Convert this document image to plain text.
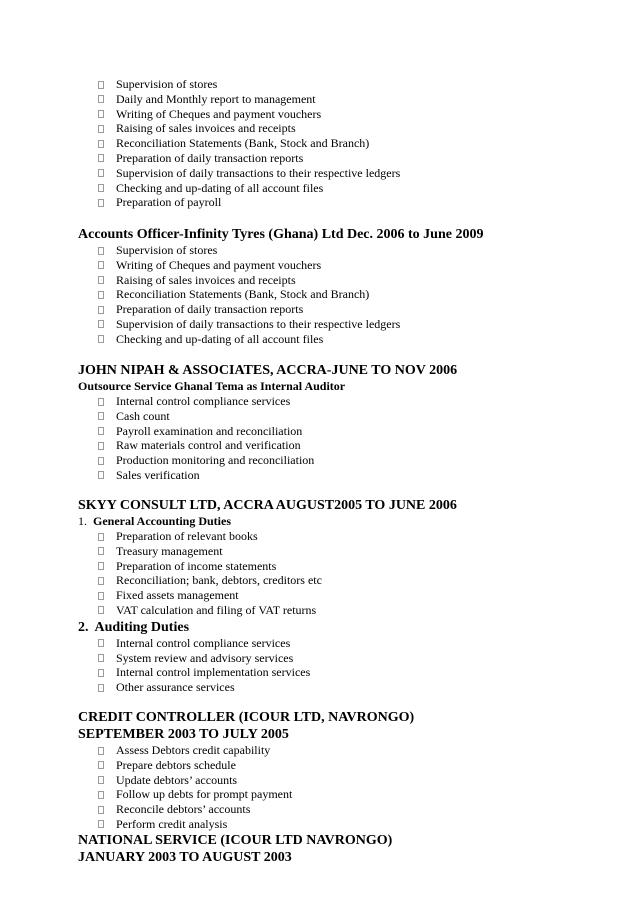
Supervision of stores
Daily and Monthly report to management
Writing of Cheques and payment vouchers
Raising of sales invoices and receipts
Reconciliation Statements (Bank, Stock and Branch)
Preparation of daily transaction reports
Supervision of daily transactions to their respective ledgers
Checking and up-dating of all account files
Preparation of payroll
Accounts Officer-Infinity Tyres (Ghana) Ltd Dec. 2006 to June 2009
Supervision of stores
Writing of Cheques and payment vouchers
Raising of sales invoices and receipts
Reconciliation Statements (Bank, Stock and Branch)
Preparation of daily transaction reports
Supervision of daily transactions to their respective ledgers
Checking and up-dating of all account files
JOHN NIPAH & ASSOCIATES, ACCRA-JUNE TO NOV 2006
Outsource Service Ghanal Tema as Internal Auditor
Internal control compliance services
Cash count
Payroll examination and reconciliation
Raw materials control and verification
Production monitoring and reconciliation
Sales verification
SKYY CONSULT LTD, ACCRA AUGUST2005 TO JUNE 2006
1. General Accounting Duties
Preparation of relevant books
Treasury management
Preparation of income statements
Reconciliation; bank, debtors, creditors etc
Fixed assets management
VAT calculation and filing of VAT returns
2. Auditing Duties
Internal control compliance services
System review and advisory services
Internal control implementation services
Other assurance services
CREDIT CONTROLLER (ICOUR LTD, NAVRONGO)
SEPTEMBER 2003 TO JULY 2005
Assess Debtors credit capability
Prepare debtors schedule
Update debtors’ accounts
Follow up debts for prompt payment
Reconcile debtors’ accounts
Perform credit analysis
NATIONAL SERVICE (ICOUR LTD NAVRONGO)
JANUARY 2003 TO AUGUST 2003
